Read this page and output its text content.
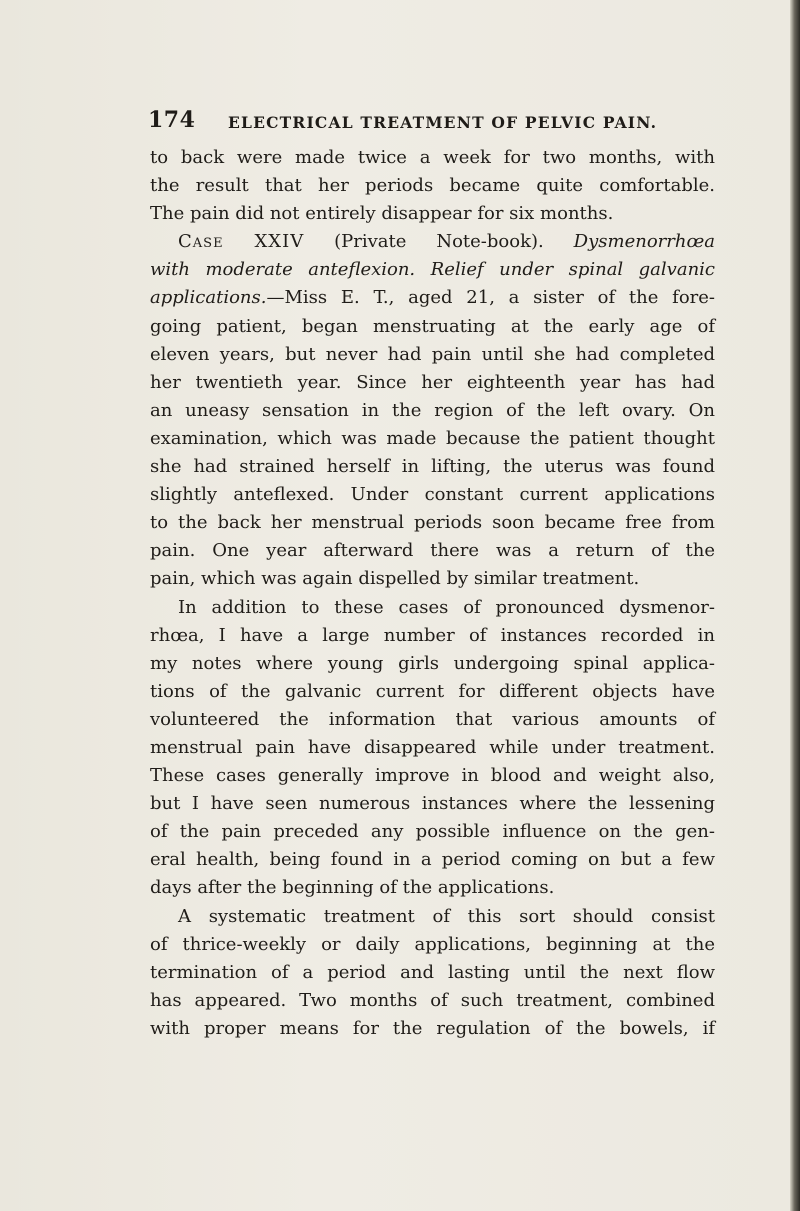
174 ELECTRICAL TREATMENT OF PELVIC PAIN.
to back were made twice a week for two months, with
the result that her periods became quite comfortable.
The pain did not entirely disappear for six months.
Case XXIV (Private Note-book). Dysmenorrhœa
with moderate anteflexion. Relief under spinal galvanic
applications.—Miss E. T., aged 21, a sister of the fore-
going patient, began menstruating at the early age of
eleven years, but never had pain until she had completed
her twentieth year. Since her eighteenth year has had
an uneasy sensation in the region of the left ovary. On
examination, which was made because the patient thought
she had strained herself in lifting, the uterus was found
slightly anteflexed. Under constant current applications
to the back her menstrual periods soon became free from
pain. One year afterward there was a return of the
pain, which was again dispelled by similar treatment.
In addition to these cases of pronounced dysmenor-
rhœa, I have a large number of instances recorded in
my notes where young girls undergoing spinal applica-
tions of the galvanic current for different objects have
volunteered the information that various amounts of
menstrual pain have disappeared while under treatment.
These cases generally improve in blood and weight also,
but I have seen numerous instances where the lessening
of the pain preceded any possible influence on the gen-
eral health, being found in a period coming on but a few
days after the beginning of the applications.
A systematic treatment of this sort should consist
of thrice-weekly or daily applications, beginning at the
termination of a period and lasting until the next flow
has appeared. Two months of such treatment, combined
with proper means for the regulation of the bowels, if
